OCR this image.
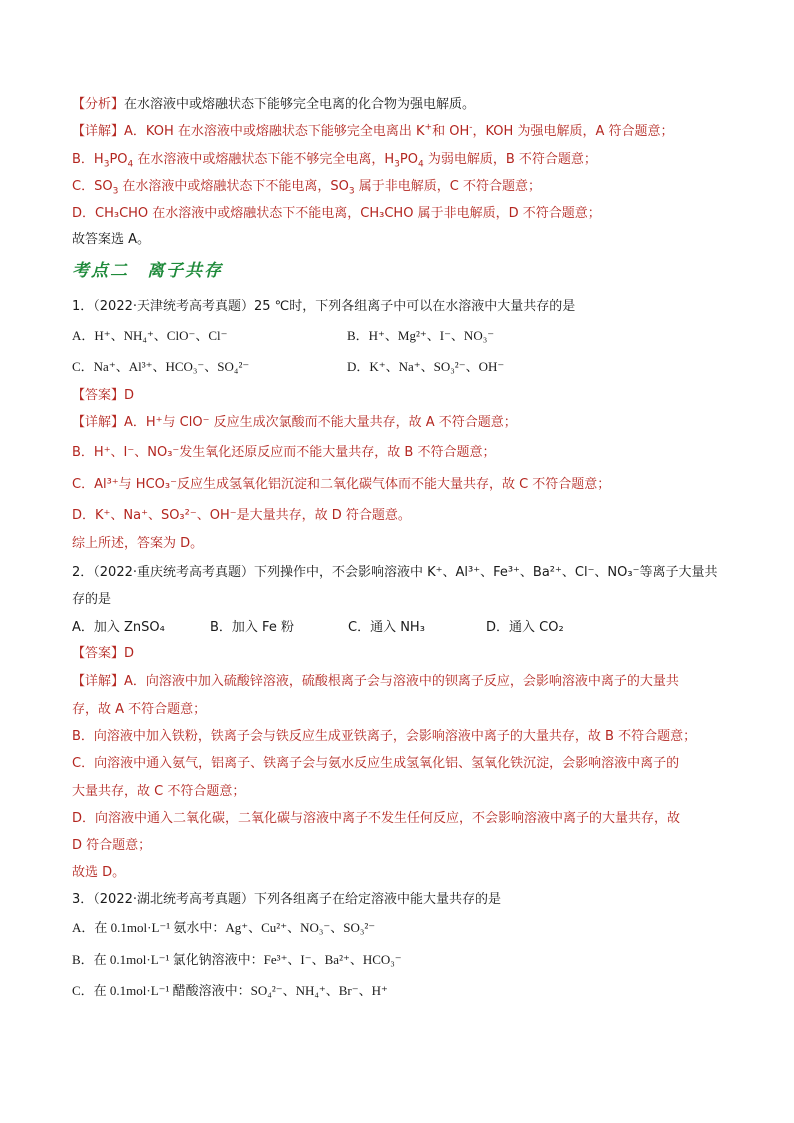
【分析】在水溶液中或熔融状态下能够完全电离的化合物为强电解质。
【详解】A．KOH 在水溶液中或熔融状态下能够完全电离出 K+和 OH-，KOH 为强电解质，A 符合题意；
B．$H_3PO_4$ 在水溶液中或熔融状态下能不够完全电离，$H_3PO_4$ 为弱电解质，B 不符合题意；
C．$SO_3$ 在水溶液中或熔融状态下不能电离，$SO_3$ 属于非电解质，C 不符合题意；
D．CH₃CHO 在水溶液中或熔融状态下不能电离，CH₃CHO 属于非电解质，D 不符合题意；
故答案选 A。
考点二 离子共存
1．（2022·天津统考高考真题）25 ℃时，下列各组离子中可以在水溶液中大量共存的是
A．H⁺、NH₄⁺、ClO⁻、Cl⁻	B．H⁺、Mg²⁺、I⁻、NO₃⁻
C．Na⁺、Al³⁺、HCO₃⁻、SO₄²⁻	D．K⁺、Na⁺、SO₃²⁻、OH⁻
【答案】D
【详解】A．H⁺与 ClO⁻ 反应生成次氯酸而不能大量共存，故 A 不符合题意；
B．H⁺、I⁻、NO₃⁻发生氧化还原反应而不能大量共存，故 B 不符合题意；
C．Al³⁺与 HCO₃⁻反应生成氢氧化铝沉淀和二氧化碳气体而不能大量共存，故 C 不符合题意；
D．K⁺、Na⁺、SO₃²⁻、OH⁻是大量共存，故 D 符合题意。
综上所述，答案为 D。
2．（2022·重庆统考高考真题）下列操作中，不会影响溶液中 K⁺、Al³⁺、Fe³⁺、Ba²⁺、Cl⁻、NO₃⁻等离子大量共
存的是
A．加入 ZnSO₄	B．加入 Fe 粉	C．通入 NH₃	D．通入 CO₂
【答案】D
【详解】A．向溶液中加入硫酸锌溶液，硫酸根离子会与溶液中的钡离子反应，会影响溶液中离子的大量共
存，故 A 不符合题意；
B．向溶液中加入铁粉，铁离子会与铁反应生成亚铁离子，会影响溶液中离子的大量共存，故 B 不符合题意；
C．向溶液中通入氨气，铝离子、铁离子会与氨水反应生成氢氧化铝、氢氧化铁沉淀，会影响溶液中离子的
大量共存，故 C 不符合题意；
D．向溶液中通入二氧化碳，二氧化碳与溶液中离子不发生任何反应，不会影响溶液中离子的大量共存，故
D 符合题意；
故选 D。
3．（2022·湖北统考高考真题）下列各组离子在给定溶液中能大量共存的是
A．在 0.1mol·L⁻¹ 氨水中：Ag⁺、Cu²⁺、NO₃⁻、SO₃²⁻
B．在 0.1mol·L⁻¹ 氯化钠溶液中：Fe³⁺、I⁻、Ba²⁺、HCO₃⁻
C．在 0.1mol·L⁻¹ 醋酸溶液中：SO₄²⁻、NH₄⁺、Br⁻、H⁺
